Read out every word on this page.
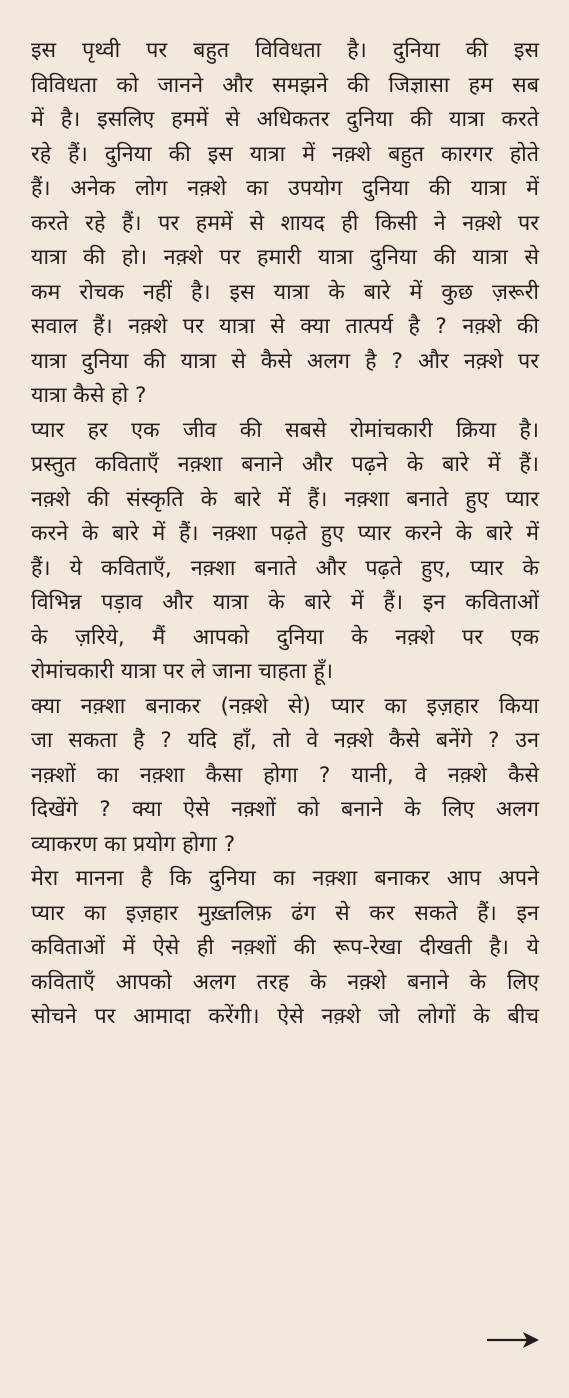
इस पृथ्वी पर बहुत विविधता है। दुनिया की इस
विविधता को जानने और समझने की जिज्ञासा हम सब
में है। इसलिए हममें से अधिकतर दुनिया की यात्रा करते
रहे हैं। दुनिया की इस यात्रा में नक़्शे बहुत कारगर होते
हैं। अनेक लोग नक़्शे का उपयोग दुनिया की यात्रा में
करते रहे हैं। पर हममें से शायद ही किसी ने नक़्शे पर
यात्रा की हो। नक़्शे पर हमारी यात्रा दुनिया की यात्रा से
कम रोचक नहीं है। इस यात्रा के बारे में कुछ ज़रूरी
सवाल हैं। नक़्शे पर यात्रा से क्या तात्पर्य है ? नक़्शे की
यात्रा दुनिया की यात्रा से कैसे अलग है ? और नक़्शे पर
यात्रा कैसे हो ?
प्यार हर एक जीव की सबसे रोमांचकारी क्रिया है।
प्रस्तुत कविताएँ नक़्शा बनाने और पढ़ने के बारे में हैं।
नक़्शे की संस्कृति के बारे में हैं। नक़्शा बनाते हुए प्यार
करने के बारे में हैं। नक़्शा पढ़ते हुए प्यार करने के बारे में
हैं। ये कविताएँ, नक़्शा बनाते और पढ़ते हुए, प्यार के
विभिन्न पड़ाव और यात्रा के बारे में हैं। इन कविताओं
के ज़रिये, मैं आपको दुनिया के नक़्शे पर एक
रोमांचकारी यात्रा पर ले जाना चाहता हूँ।
क्या नक़्शा बनाकर (नक़्शे से) प्यार का इज़हार किया
जा सकता है ? यदि हाँ, तो वे नक़्शे कैसे बनेंगे ? उन
नक़्शों का नक़्शा कैसा होगा ? यानी, वे नक़्शे कैसे
दिखेंगे ? क्या ऐसे नक़्शों को बनाने के लिए अलग
व्याकरण का प्रयोग होगा ?
मेरा मानना है कि दुनिया का नक़्शा बनाकर आप अपने
प्यार का इज़हार मुख़्तलिफ़ ढंग से कर सकते हैं। इन
कविताओं में ऐसे ही नक़्शों की रूप-रेखा दीखती है। ये
कविताएँ आपको अलग तरह के नक़्शे बनाने के लिए
सोचने पर आमादा करेंगी। ऐसे नक़्शे जो लोगों के बीच
